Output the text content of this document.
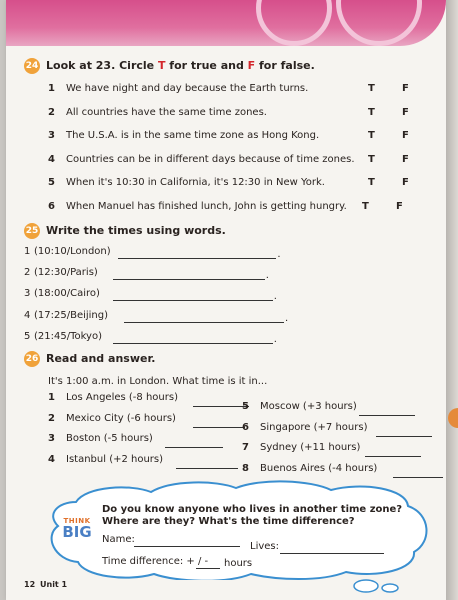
24 Look at 23. Circle T for true and F for false.
1 We have night and day because the Earth turns.	T	F
2 All countries have the same time zones.	T	F
3 The U.S.A. is in the same time zone as Hong Kong.	T	F
4 Countries can be in different days because of time zones. T	F
5 When it's 10:30 in California, it's 12:30 in New York.	T	F
6 When Manuel has finished lunch, John is getting hungry. T	F
25 Write the times using words.
1 (10:10/London)	.
2 (12:30/Paris)	.
3 (18:00/Cairo)	.
4 (17:25/Beijing)	.
5 (21:45/Tokyo)	.
26 Read and answer.
It's 1:00 a.m. in London. What time is it in...
1 Los Angeles (-8 hours)
2 Mexico City (-6 hours)
3 Boston (-5 hours)
4 Istanbul (+2 hours)
5 Moscow (+3 hours)
6 Singapore (+7 hours)
7 Sydney (+11 hours)
8 Buenos Aires (-4 hours)
THINK
BIG
Do you know anyone who lives in another time zone?
Where are they? What's the time difference?
Name:
Lives:
Time difference: + / - hours
12 Unit 1
